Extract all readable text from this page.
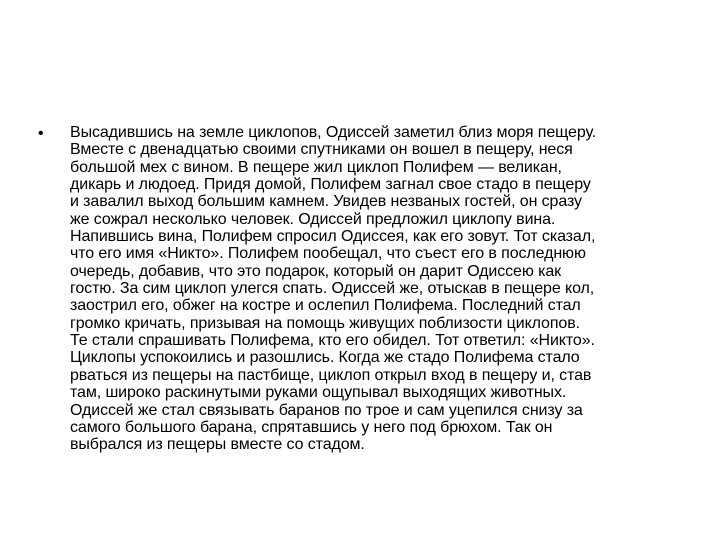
• Высадившись на земле циклопов, Одиссей заметил близ моря пещеру.
Вместе с двенадцатью своими спутниками он вошел в пещеру, неся
большой мех с вином. В пещере жил циклоп Полифем — великан,
дикарь и людоед. Придя домой, Полифем загнал свое стадо в пещеру
и завалил выход большим камнем. Увидев незваных гостей, он сразу
же сожрал несколько человек. Одиссей предложил циклопу вина.
Напившись вина, Полифем спросил Одиссея, как его зовут. Тот сказал,
что его имя «Никто». Полифем пообещал, что съест его в последнюю
очередь, добавив, что это подарок, который он дарит Одиссею как
гостю. За сим циклоп улегся спать. Одиссей же, отыскав в пещере кол,
заострил его, обжег на костре и ослепил Полифема. Последний стал
громко кричать, призывая на помощь живущих поблизости циклопов.
Те стали спрашивать Полифема, кто его обидел. Тот ответил: «Никто».
Циклопы успокоились и разошлись. Когда же стадо Полифема стало
рваться из пещеры на пастбище, циклоп открыл вход в пещеру и, став
там, широко раскинутыми руками ощупывал выходящих животных.
Одиссей же стал связывать баранов по трое и сам уцепился снизу за
самого большого барана, спрятавшись у него под брюхом. Так он
выбрался из пещеры вместе со стадом.
